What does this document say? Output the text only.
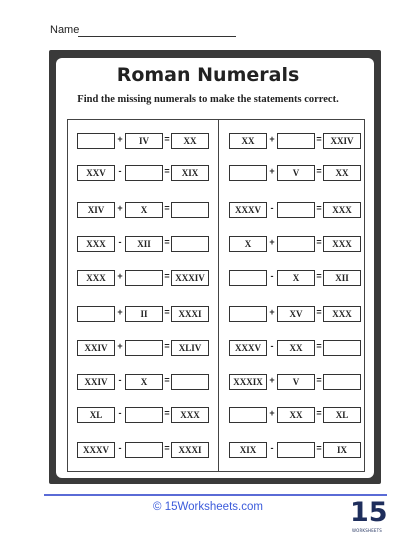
Name
Roman Numerals
Find the missing numerals to make the statements correct.
+	IV	=	XX
XXV	-	=	XIX
XIV	+	X	=
XXX	-	XII	=
XXX	+	= XXXIV
+	II	= XXXI
XXIV	+	=	XLIV
XXIV	-	X	=
XL	-	=	XXX
XXXV	-	= XXXI
XX	+	= XXIV
+	V	=	XX
XXXV	-	=	XXX
X	+	=	XXX
-	X	=	XII
+	XV	=	XXX
XXXV	-	XX	=
XXXIX +	V	=
+	XX	=	XL
XIX	-	=	IX
© 15Worksheets.com	15
WORKSHEETS
